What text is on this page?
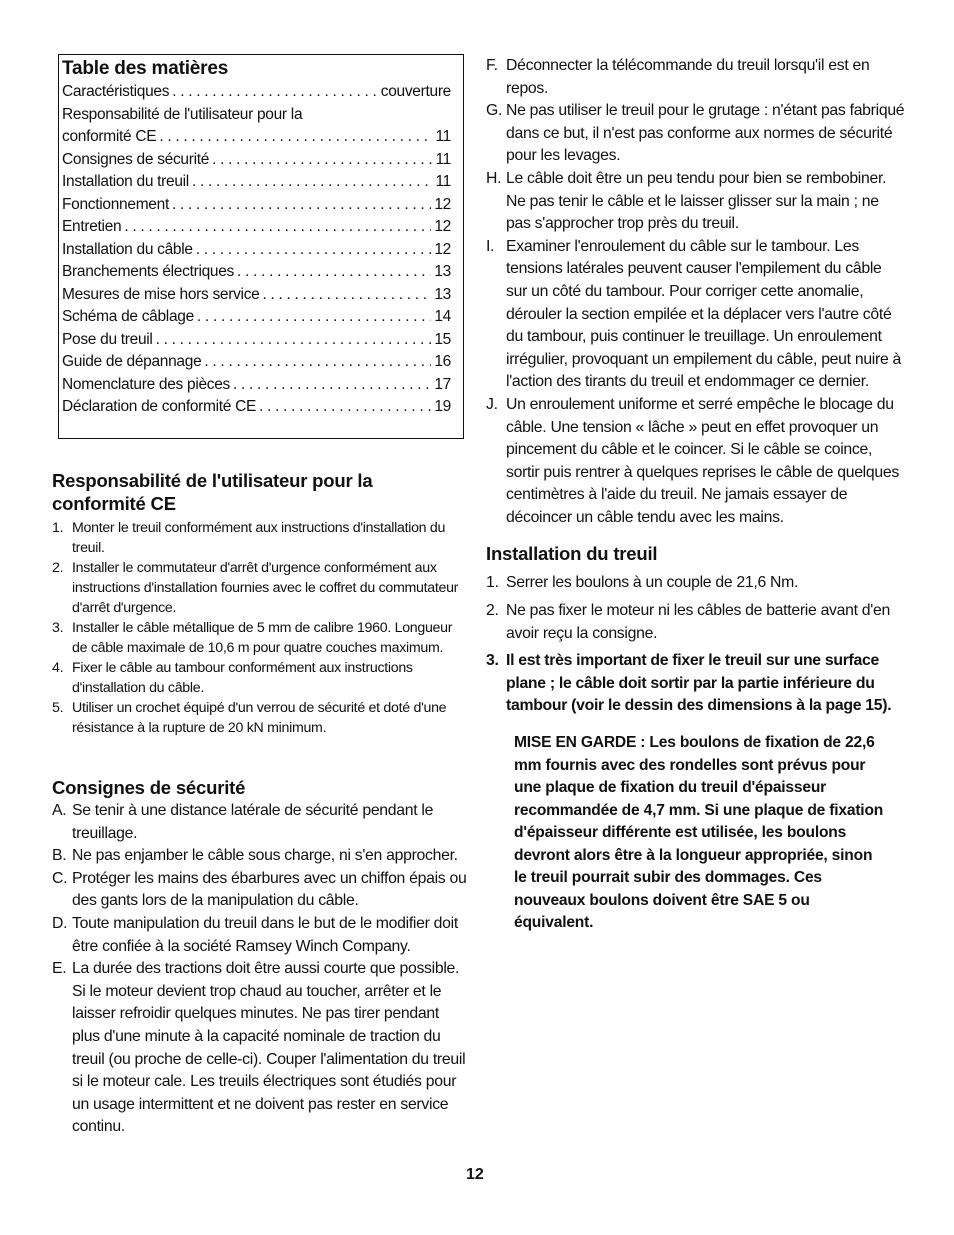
Table des matières
Caractéristiques . . .	couverture
Responsabilité de l'utilisateur pour la
conformité CE . . .	11
Consignes de sécurité . . .	11
Installation du treuil . . .	11
Fonctionnement . . .	12
Entretien . . .	12
Installation du câble . . .	12
Branchements électriques . . .	13
Mesures de mise hors service . . .	13
Schéma de câblage . . .	14
Pose du treuil . . .	15
Guide de dépannage . . .	16
Nomenclature des pièces . . .	17
Déclaration de conformité CE . . .	19
Responsabilité de l'utilisateur pour la conformité CE
1. Monter le treuil conformément aux instructions d'installation du treuil.
2. Installer le commutateur d'arrêt d'urgence conformément aux instructions d'installation fournies avec le coffret du commutateur d'arrêt d'urgence.
3. Installer le câble métallique de 5 mm de calibre 1960. Longueur de câble maximale de 10,6 m pour quatre couches maximum.
4. Fixer le câble au tambour conformément aux instructions d'installation du câble.
5. Utiliser un crochet équipé d'un verrou de sécurité et doté d'une résistance à la rupture de 20 kN minimum.
Consignes de sécurité
A. Se tenir à une distance latérale de sécurité pendant le treuillage.
B. Ne pas enjamber le câble sous charge, ni s'en approcher.
C. Protéger les mains des ébarbures avec un chiffon épais ou des gants lors de la manipulation du câble.
D. Toute manipulation du treuil dans le but de le modifier doit être confiée à la société Ramsey Winch Company.
E. La durée des tractions doit être aussi courte que possible. Si le moteur devient trop chaud au toucher, arrêter et le laisser refroidir quelques minutes. Ne pas tirer pendant plus d'une minute à la capacité nominale de traction du treuil (ou proche de celle-ci). Couper l'alimentation du treuil si le moteur cale. Les treuils électriques sont étudiés pour un usage intermittent et ne doivent pas rester en service continu.
F. Déconnecter la télécommande du treuil lorsqu'il est en repos.
G. Ne pas utiliser le treuil pour le grutage : n'étant pas fabriqué dans ce but, il n'est pas conforme aux normes de sécurité pour les levages.
H. Le câble doit être un peu tendu pour bien se rembobiner. Ne pas tenir le câble et le laisser glisser sur la main ; ne pas s'approcher trop près du treuil.
I. Examiner l'enroulement du câble sur le tambour. Les tensions latérales peuvent causer l'empilement du câble sur un côté du tambour. Pour corriger cette anomalie, dérouler la section empilée et la déplacer vers l'autre côté du tambour, puis continuer le treuillage. Un enroulement irrégulier, provoquant un empilement du câble, peut nuire à l'action des tirants du treuil et endommager ce dernier.
J. Un enroulement uniforme et serré empêche le blocage du câble. Une tension « lâche » peut en effet provoquer un pincement du câble et le coincer. Si le câble se coince, sortir puis rentrer à quelques reprises le câble de quelques centimètres à l'aide du treuil. Ne jamais essayer de décoincer un câble tendu avec les mains.
Installation du treuil
1. Serrer les boulons à un couple de 21,6 Nm.
2. Ne pas fixer le moteur ni les câbles de batterie avant d'en avoir reçu la consigne.
3. Il est très important de fixer le treuil sur une surface plane ; le câble doit sortir par la partie inférieure du tambour (voir le dessin des dimensions à la page 15).
MISE EN GARDE : Les boulons de fixation de 22,6 mm fournis avec des rondelles sont prévus pour une plaque de fixation du treuil d'épaisseur recommandée de 4,7 mm. Si une plaque de fixation d'épaisseur différente est utilisée, les boulons devront alors être à la longueur appropriée, sinon le treuil pourrait subir des dommages. Ces nouveaux boulons doivent être SAE 5 ou équivalent.
12
